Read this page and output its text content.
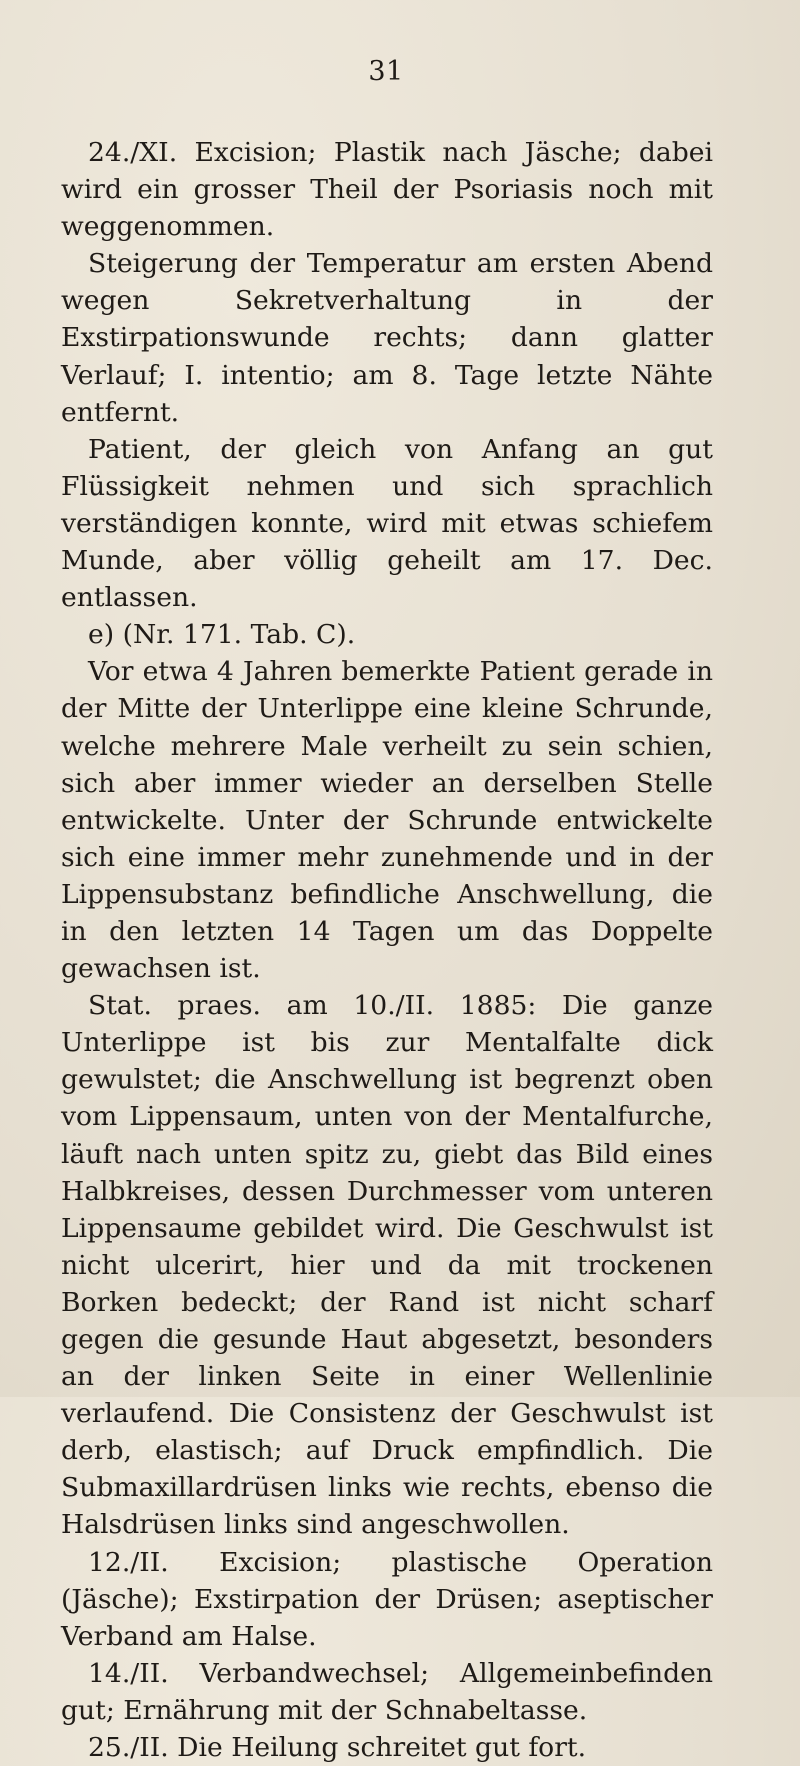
31

24./XI. Excision; Plastik nach Jäsche; dabei wird ein grosser Theil der Psoriasis noch mit weggenommen.

Steigerung der Temperatur am ersten Abend wegen Sekretverhaltung in der Exstirpationswunde rechts; dann glatter Verlauf; I. intentio; am 8. Tage letzte Nähte entfernt.

Patient, der gleich von Anfang an gut Flüssigkeit nehmen und sich sprachlich verständigen konnte, wird mit etwas schiefem Munde, aber völlig geheilt am 17. Dec. entlassen.

e) (Nr. 171. Tab. C).

Vor etwa 4 Jahren bemerkte Patient gerade in der Mitte der Unterlippe eine kleine Schrunde, welche mehrere Male verheilt zu sein schien, sich aber immer wieder an derselben Stelle entwickelte. Unter der Schrunde entwickelte sich eine immer mehr zunehmende und in der Lippensubstanz befindliche Anschwellung, die in den letzten 14 Tagen um das Doppelte gewachsen ist.

Stat. praes. am 10./II. 1885: Die ganze Unterlippe ist bis zur Mentalfalte dick gewulstet; die Anschwellung ist begrenzt oben vom Lippensaum, unten von der Mentalfurche, läuft nach unten spitz zu, giebt das Bild eines Halbkreises, dessen Durchmesser vom unteren Lippensaume gebildet wird. Die Geschwulst ist nicht ulcerirt, hier und da mit trockenen Borken bedeckt; der Rand ist nicht scharf gegen die gesunde Haut abgesetzt, besonders an der linken Seite in einer Wellenlinie verlaufend. Die Consistenz der Geschwulst ist derb, elastisch; auf Druck empfindlich. Die Submaxillardrüsen links wie rechts, ebenso die Halsdrüsen links sind angeschwollen.

12./II. Excision; plastische Operation (Jäsche); Exstirpation der Drüsen; aseptischer Verband am Halse.

14./II. Verbandwechsel; Allgemeinbefinden gut; Ernährung mit der Schnabeltasse.

25./II. Die Heilung schreitet gut fort.
